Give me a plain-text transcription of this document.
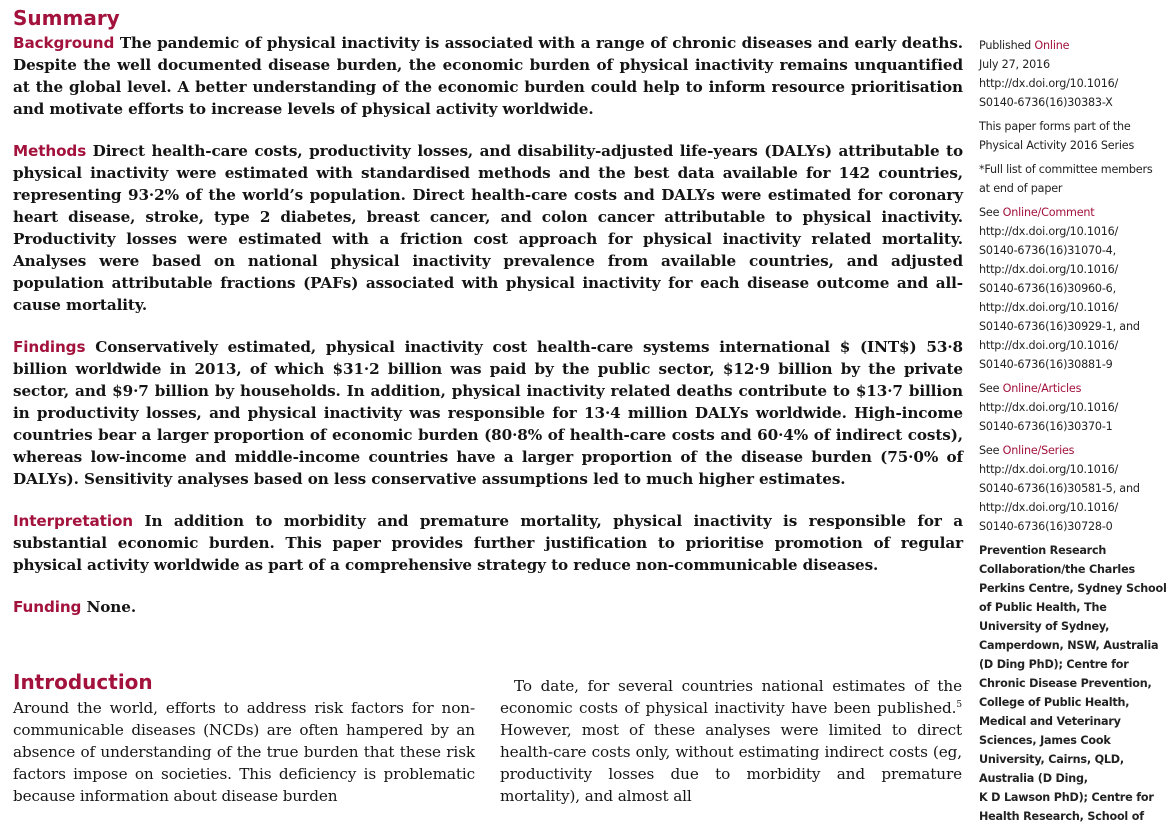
Summary

Background The pandemic of physical inactivity is associated with a range of chronic diseases and early deaths. Despite the well documented disease burden, the economic burden of physical inactivity remains unquantified at the global level. A better understanding of the economic burden could help to inform resource prioritisation and motivate efforts to increase levels of physical activity worldwide.

Methods Direct health-care costs, productivity losses, and disability-adjusted life-years (DALYs) attributable to physical inactivity were estimated with standardised methods and the best data available for 142 countries, representing 93·2% of the world’s population. Direct health-care costs and DALYs were estimated for coronary heart disease, stroke, type 2 diabetes, breast cancer, and colon cancer attributable to physical inactivity. Productivity losses were estimated with a friction cost approach for physical inactivity related mortality. Analyses were based on national physical inactivity prevalence from available countries, and adjusted population attributable fractions (PAFs) associated with physical inactivity for each disease outcome and all-cause mortality.

Findings Conservatively estimated, physical inactivity cost health-care systems international $ (INT$) 53·8 billion worldwide in 2013, of which $31·2 billion was paid by the public sector, $12·9 billion by the private sector, and $9·7 billion by households. In addition, physical inactivity related deaths contribute to $13·7 billion in productivity losses, and physical inactivity was responsible for 13·4 million DALYs worldwide. High-income countries bear a larger proportion of economic burden (80·8% of health-care costs and 60·4% of indirect costs), whereas low-income and middle-income countries have a larger proportion of the disease burden (75·0% of DALYs). Sensitivity analyses based on less conservative assumptions led to much higher estimates.

Interpretation In addition to morbidity and premature mortality, physical inactivity is responsible for a substantial economic burden. This paper provides further justification to prioritise promotion of regular physical activity worldwide as part of a comprehensive strategy to reduce non-communicable diseases.

Funding None.

Introduction

Around the world, efforts to address risk factors for non-communicable diseases (NCDs) are often hampered by an absence of understanding of the true burden that these risk factors impose on societies. This deficiency is problematic because information about disease burden

To date, for several countries national estimates of the economic costs of physical inactivity have been published.$^5$ However, most of these analyses were limited to direct health-care costs only, without estimating indirect costs (eg, productivity losses due to morbidity and premature mortality), and almost all

Published Online
July 27, 2016
http://dx.doi.org/10.1016/
S0140-6736(16)30383-X
This paper forms part of the
Physical Activity 2016 Series
*Full list of committee members
at end of paper
See Online/Comment
http://dx.doi.org/10.1016/
S0140-6736(16)31070-4,
http://dx.doi.org/10.1016/
S0140-6736(16)30960-6,
http://dx.doi.org/10.1016/
S0140-6736(16)30929-1, and
http://dx.doi.org/10.1016/
S0140-6736(16)30881-9
See Online/Articles
http://dx.doi.org/10.1016/
S0140-6736(16)30370-1
See Online/Series
http://dx.doi.org/10.1016/
S0140-6736(16)30581-5, and
http://dx.doi.org/10.1016/
S0140-6736(16)30728-0
Prevention Research
Collaboration/the Charles
Perkins Centre, Sydney School
of Public Health, The
University of Sydney,
Camperdown, NSW, Australia
(D Ding PhD); Centre for
Chronic Disease Prevention,
College of Public Health,
Medical and Veterinary
Sciences, James Cook
University, Cairns, QLD,
Australia (D Ding,
K D Lawson PhD); Centre for
Health Research, School of
